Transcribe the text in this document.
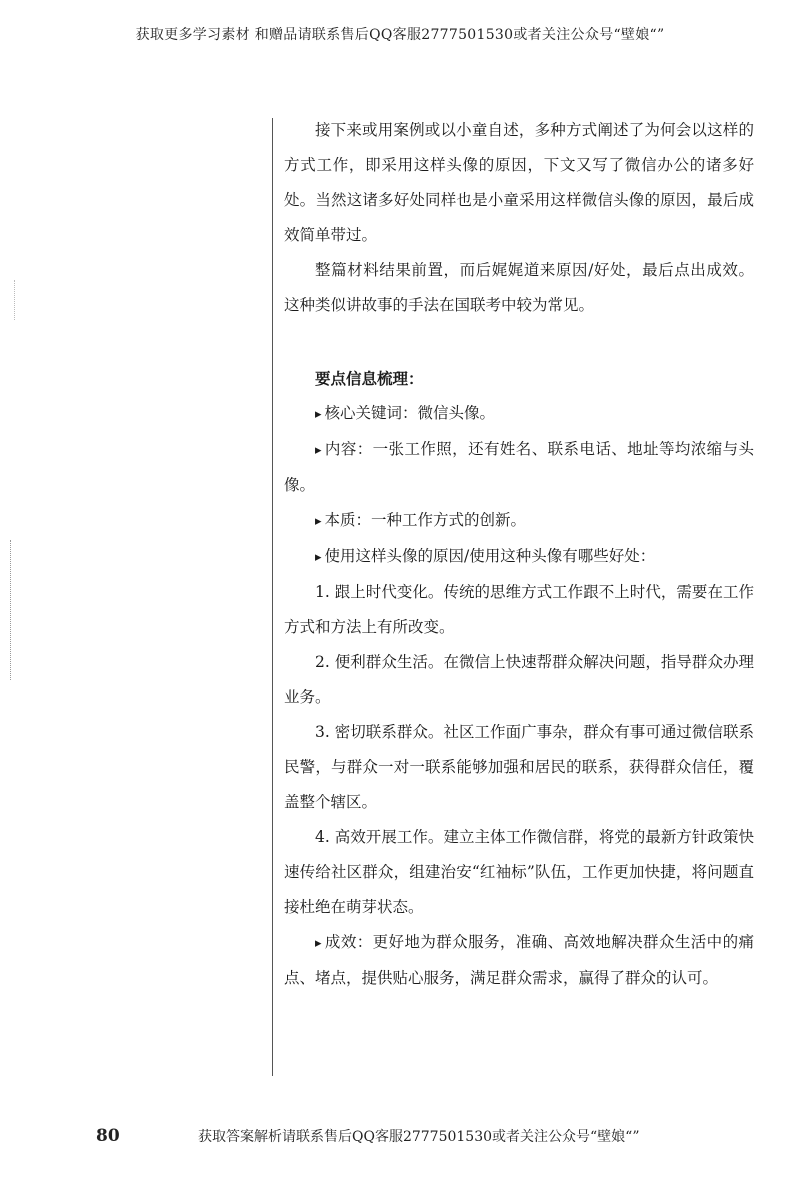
获取更多学习素材 和赠品请联系售后QQ客服2777501530或者关注公众号“壁娘“”

接下来或用案例或以小童自述，多种方式阐述了为何会以这样的方式工作，即采用这样头像的原因，下文又写了微信办公的诸多好处。当然这诸多好处同样也是小童采用这样微信头像的原因，最后成效简单带过。

整篇材料结果前置，而后娓娓道来原因/好处，最后点出成效。这种类似讲故事的手法在国联考中较为常见。

要点信息梳理：

▸ 核心关键词：微信头像。

▸ 内容：一张工作照，还有姓名、联系电话、地址等均浓缩与头像。

▸ 本质：一种工作方式的创新。

▸ 使用这样头像的原因/使用这种头像有哪些好处：

1. 跟上时代变化。传统的思维方式工作跟不上时代，需要在工作方式和方法上有所改变。

2. 便利群众生活。在微信上快速帮群众解决问题，指导群众办理业务。

3. 密切联系群众。社区工作面广事杂，群众有事可通过微信联系民警，与群众一对一联系能够加强和居民的联系，获得群众信任，覆盖整个辖区。

4. 高效开展工作。建立主体工作微信群，将党的最新方针政策快速传给社区群众，组建治安“红袖标”队伍，工作更加快捷，将问题直接杜绝在萌芽状态。

▸ 成效：更好地为群众服务，准确、高效地解决群众生活中的痛点、堵点，提供贴心服务，满足群众需求，赢得了群众的认可。

80	获取答案解析请联系售后QQ客服2777501530或者关注公众号“壁娘“”
